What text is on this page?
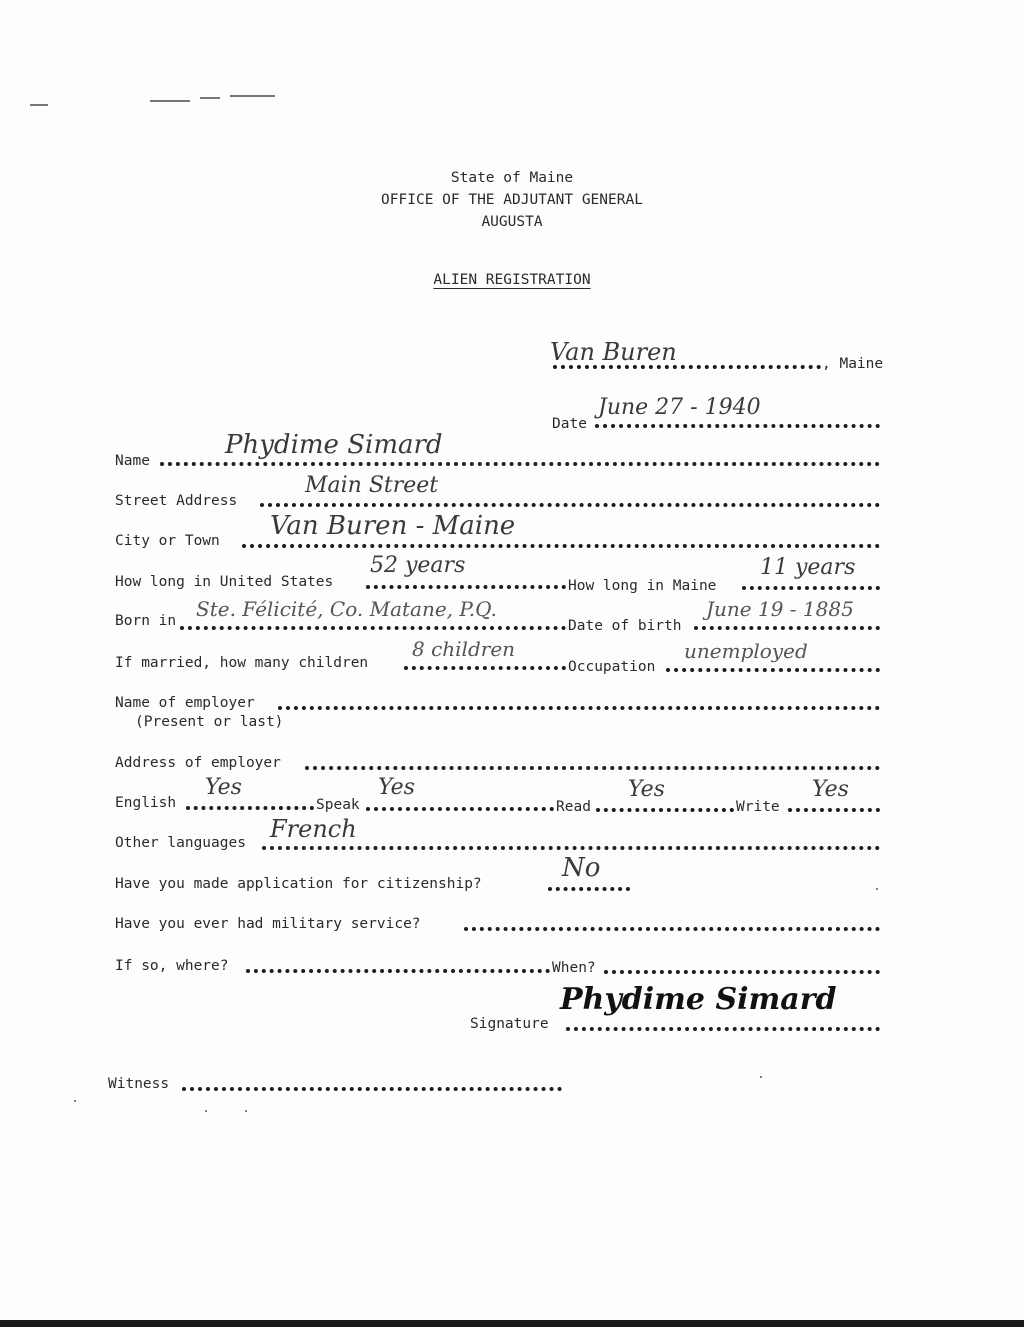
State of Maine
OFFICE OF THE ADJUTANT GENERAL
AUGUSTA
ALIEN REGISTRATION
Van Buren	, Maine
Date
June 27 - 1940
Name
Phydime Simard
Street Address
Main Street
City or Town Van Buren - Maine
How long in United States
52 years
How long in Maine
11 years
Born in Ste. Félicité, Co. Matane, P.Q.
Date of birth
June 19 - 1885
If married, how many children
8 children
Occupation
unemployed
Name of employer
(Present or last)
Address of employer
English
Yes
Speak
Yes
Read
Yes
Write
Yes
Other languages French
Have you made application for citizenship?
No
Have you ever had military service?
If so, where?	When?
Signature
Phydime Simard
Witness
